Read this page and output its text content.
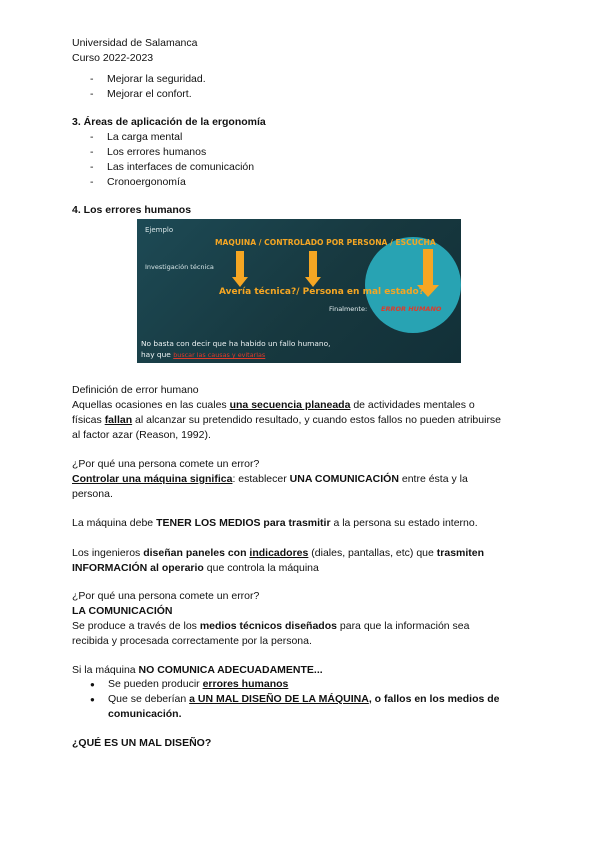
Universidad de Salamanca
Curso 2022-2023
- Mejorar la seguridad.
- Mejorar el confort.
3. Áreas de aplicación de la ergonomía
- La carga mental
- Los errores humanos
- Las interfaces de comunicación
- Cronoergonomía
4. Los errores humanos
Ejemplo
MAQUINA / CONTROLADO POR PERSONA / ESCUCHA
Investigación técnica
Avería técnica?/ Persona en mal estado?
Finalmente: ERROR HUMANO
No basta con decir que ha habido un fallo humano,
hay que buscar las causas y evitarlas
Definición de error humano
Aquellas ocasiones en las cuales una secuencia planeada de actividades mentales o
físicas fallan al alcanzar su pretendido resultado, y cuando estos fallos no pueden atribuirse
al factor azar (Reason, 1992).
¿Por qué una persona comete un error?
Controlar una máquina significa: establecer UNA COMUNICACIÓN entre ésta y la
persona.
La máquina debe TENER LOS MEDIOS para trasmitir a la persona su estado interno.
Los ingenieros diseñan paneles con indicadores (diales, pantallas, etc) que trasmiten
INFORMACIÓN al operario que controla la máquina
¿Por qué una persona comete un error?
LA COMUNICACIÓN
Se produce a través de los medios técnicos diseñados para que la información sea
recibida y procesada correctamente por la persona.
Si la máquina NO COMUNICA ADECUADAMENTE...
● Se pueden producir errores humanos
● Que se deberían a UN MAL DISEÑO DE LA MÁQUINA, o fallos en los medios de
comunicación.
¿QUÉ ES UN MAL DISEÑO?
